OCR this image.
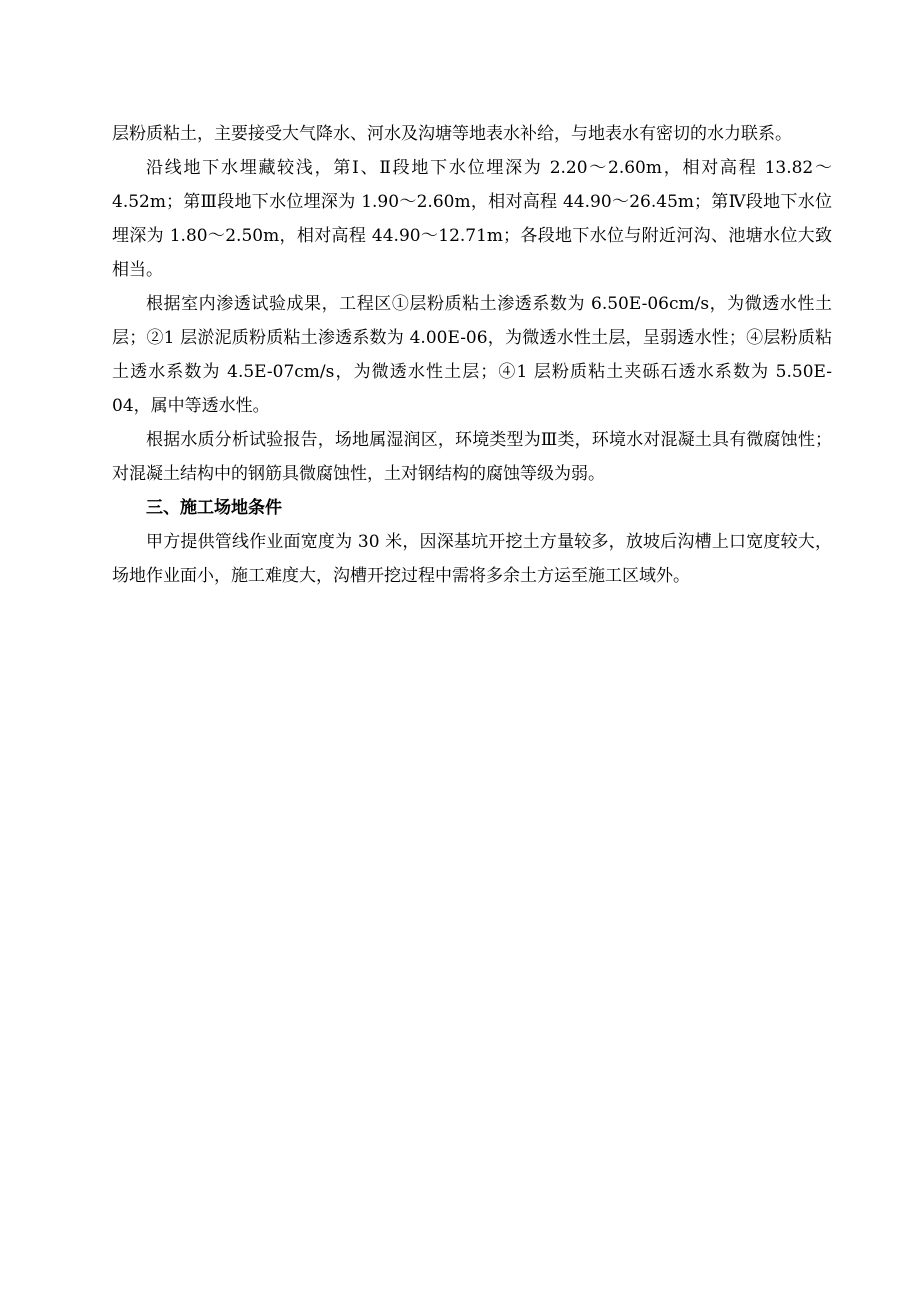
层粉质粘土，主要接受大气降水、河水及沟塘等地表水补给，与地表水有密切的水力联系。

沿线地下水埋藏较浅，第Ⅰ、Ⅱ段地下水位埋深为 2.20～2.60m，相对高程 13.82～4.52m；第Ⅲ段地下水位埋深为 1.90～2.60m，相对高程 44.90～26.45m；第Ⅳ段地下水位埋深为 1.80～2.50m，相对高程 44.90～12.71m；各段地下水位与附近河沟、池塘水位大致相当。

根据室内渗透试验成果，工程区①层粉质粘土渗透系数为 6.50E-06cm/s，为微透水性土层；②1 层淤泥质粉质粘土渗透系数为 4.00E-06，为微透水性土层，呈弱透水性；④层粉质粘土透水系数为 4.5E-07cm/s，为微透水性土层；④1 层粉质粘土夹砾石透水系数为 5.50E-04，属中等透水性。

根据水质分析试验报告，场地属湿润区，环境类型为Ⅲ类，环境水对混凝土具有微腐蚀性；对混凝土结构中的钢筋具微腐蚀性，土对钢结构的腐蚀等级为弱。

三、施工场地条件

甲方提供管线作业面宽度为 30 米，因深基坑开挖土方量较多，放坡后沟槽上口宽度较大，场地作业面小，施工难度大，沟槽开挖过程中需将多余土方运至施工区域外。
